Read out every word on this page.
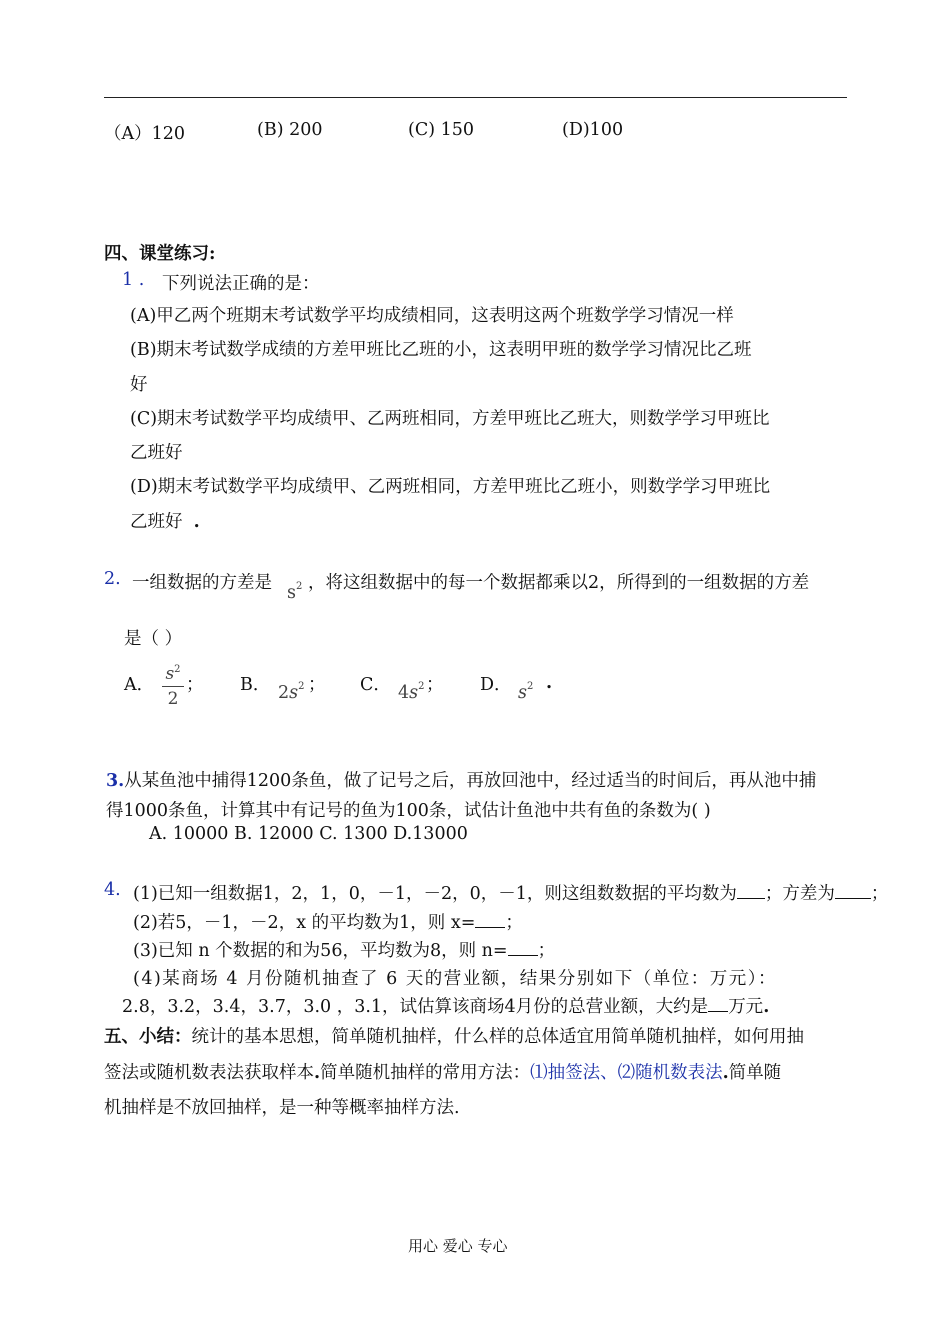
（A）120	(B) 200	(C) 150	(D)100
四、课堂练习:
1 . 下列说法正确的是：
(A)甲乙两个班期末考试数学平均成绩相同，这表明这两个班数学学习情况一样
(B)期末考试数学成绩的方差甲班比乙班的小，这表明甲班的数学学习情况比乙班
好
(C)期末考试数学平均成绩甲、乙两班相同，方差甲班比乙班大，则数学学习甲班比
乙班好
(D)期末考试数学平均成绩甲、乙两班相同，方差甲班比乙班小，则数学学习甲班比
乙班好 .
2. 一组数据的方差是 $s^2$ ，将这组数据中的每一个数据都乘以2，所得到的一组数据的方差
是（ ）
A．
$s^2$
2
； B． $2s^2$ ； C． $4s^2$ ； D． $s^2$ .
3.从某鱼池中捕得1200条鱼，做了记号之后，再放回池中，经过适当的时间后，再从池中捕
得1000条鱼，计算其中有记号的鱼为100条，试估计鱼池中共有鱼的条数为( )
A. 10000 B. 12000 C. 1300 D.13000
4. (1)已知一组数据1，2，1，0，－1，－2，0，－1，则这组数数据的平均数为 ；方差为 ；
(2)若5，－1，－2，x 的平均数为1，则 x= ；
(3)已知 n 个数据的和为56，平均数为8，则 n= ；
(4)某商场 4 月份随机抽查了 6 天的营业额，结果分别如下（单位：万元）：
2.8，3.2，3.4，3.7，3.0 ，3.1，试估算该商场4月份的总营业额，大约是 万元.
五、小结：统计的基本思想，简单随机抽样，什么样的总体适宜用简单随机抽样，如何用抽
签法或随机数表法获取样本.简单随机抽样的常用方法：⑴抽签法、⑵随机数表法.简单随
机抽样是不放回抽样，是一种等概率抽样方法.
用心 爱心 专心
